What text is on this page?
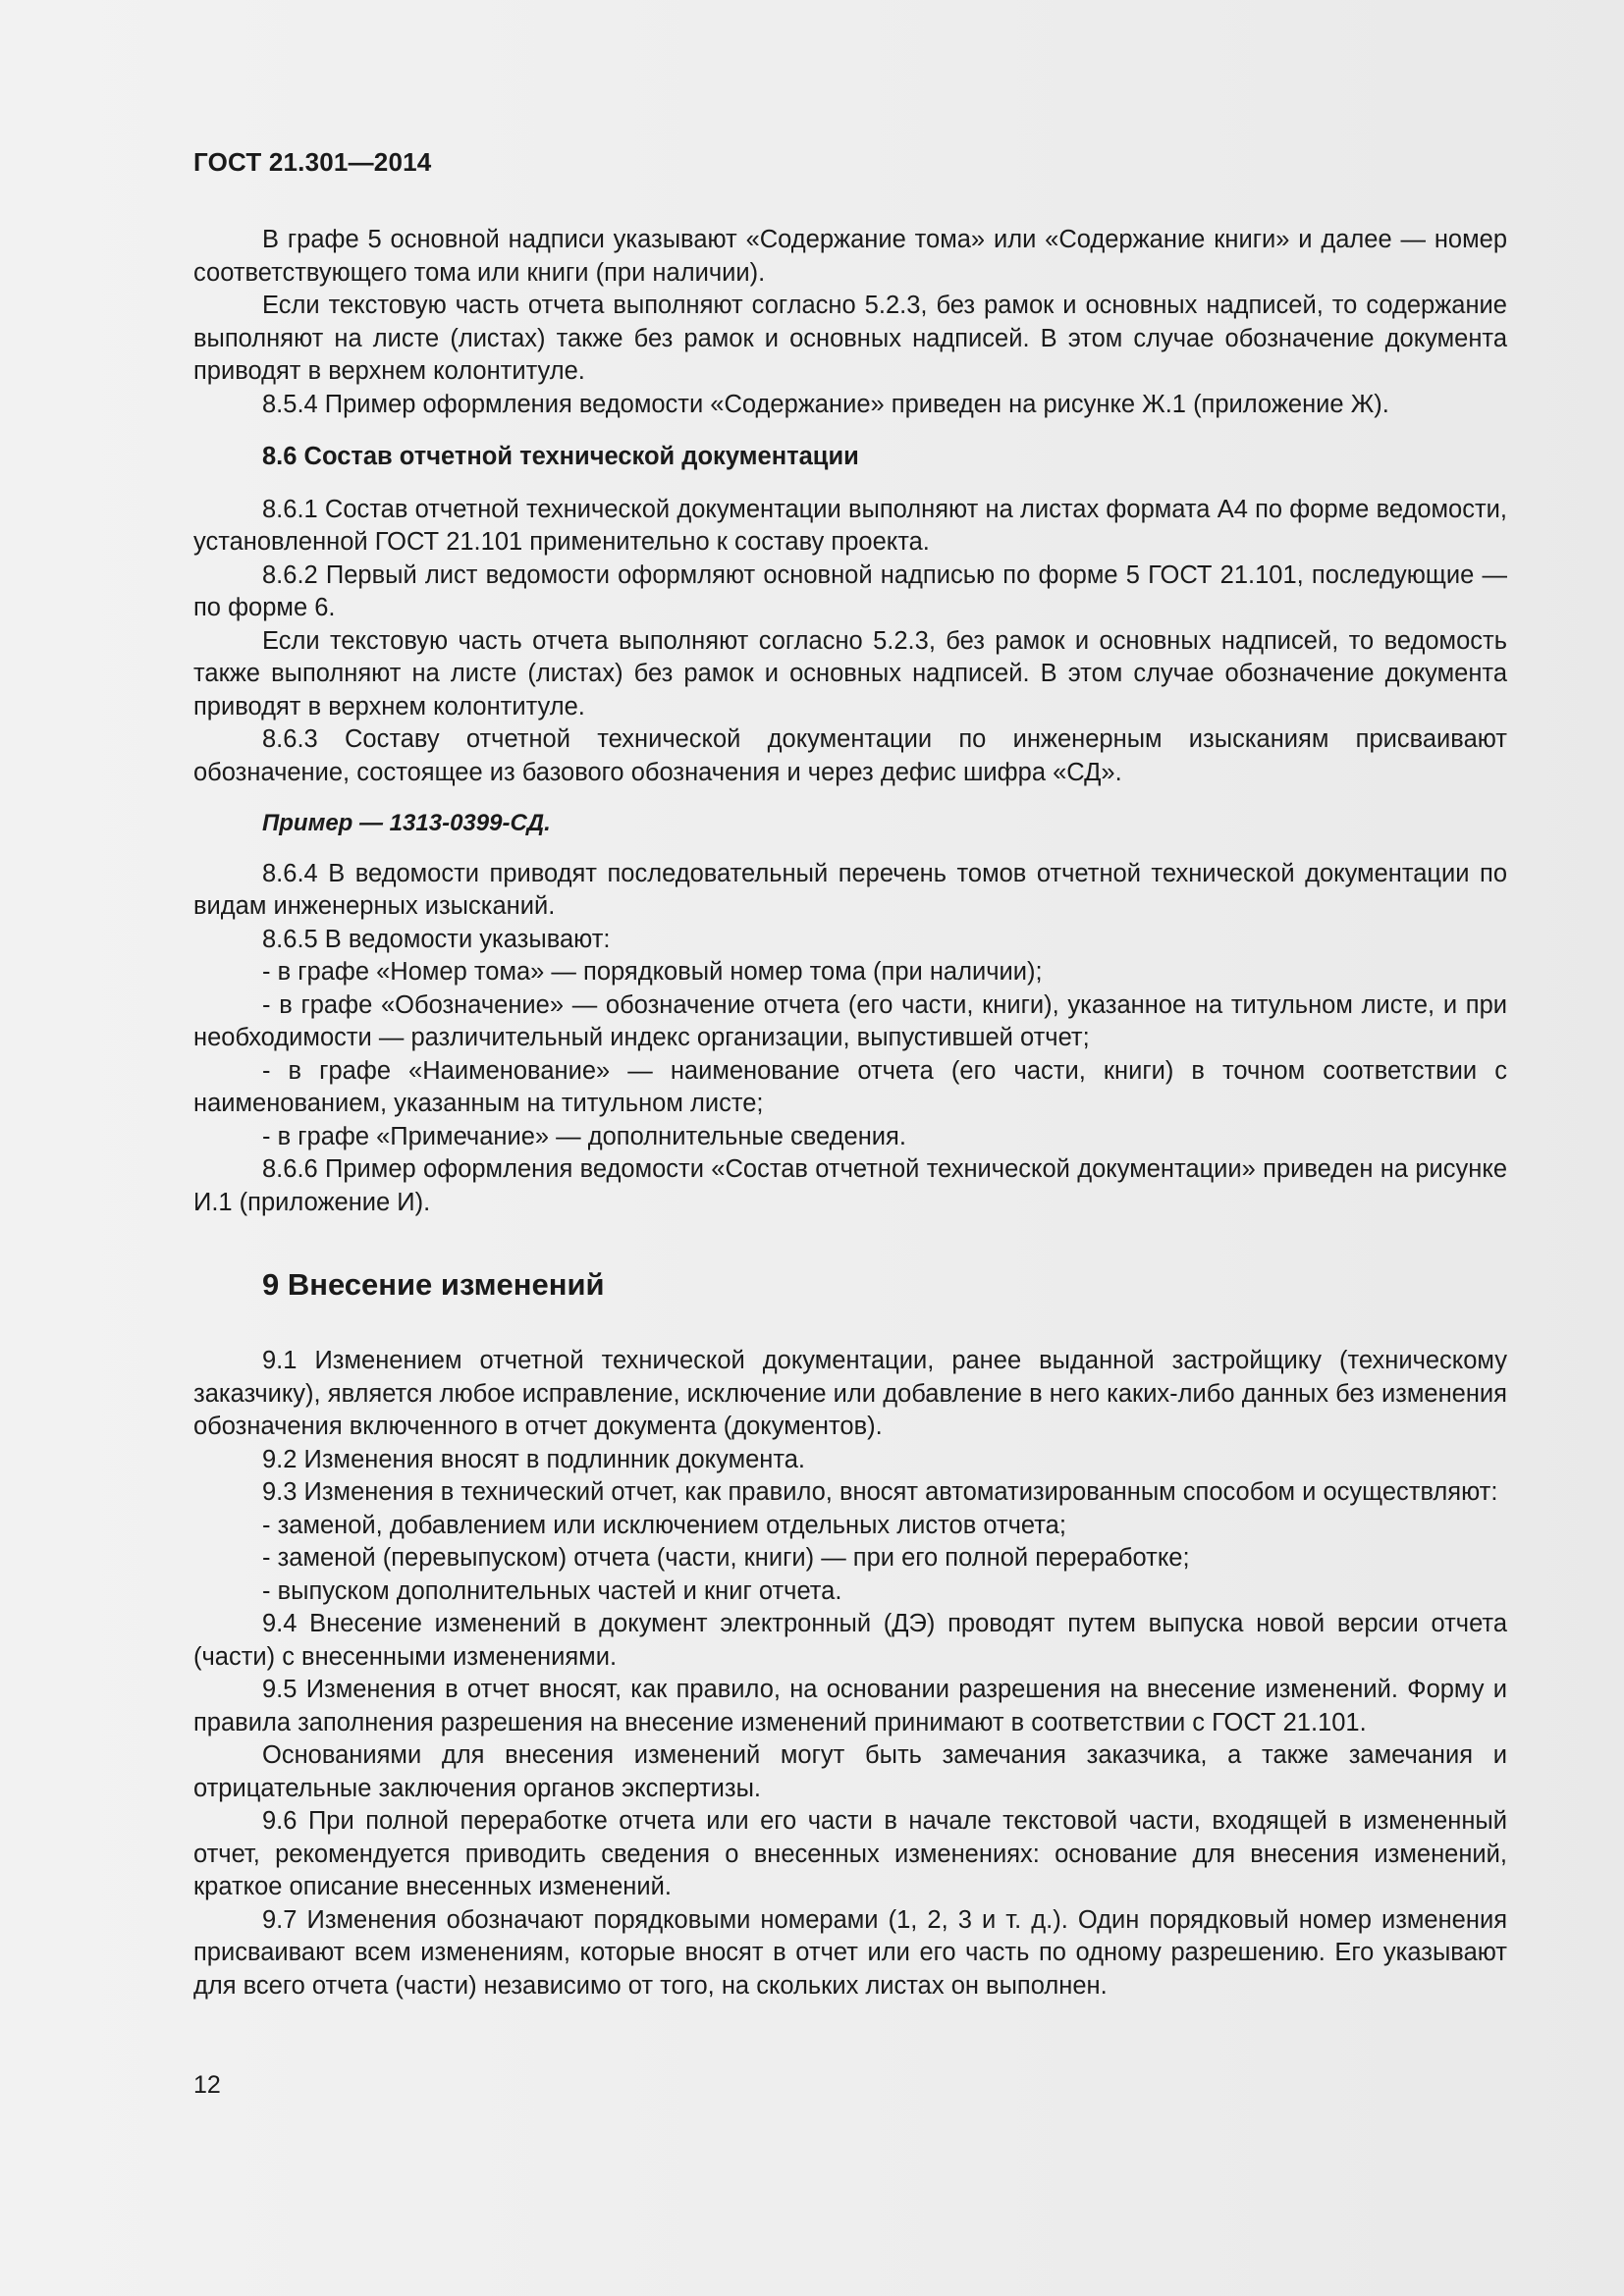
ГОСТ 21.301—2014

В графе 5 основной надписи указывают «Содержание тома» или «Содержание книги» и далее — номер соответствующего тома или книги (при наличии).

Если текстовую часть отчета выполняют согласно 5.2.3, без рамок и основных надписей, то содержание выполняют на листе (листах) также без рамок и основных надписей. В этом случае обозначение документа приводят в верхнем колонтитуле.

8.5.4 Пример оформления ведомости «Содержание» приведен на рисунке Ж.1 (приложение Ж).

8.6 Состав отчетной технической документации

8.6.1 Состав отчетной технической документации выполняют на листах формата А4 по форме ведомости, установленной ГОСТ 21.101 применительно к составу проекта.

8.6.2 Первый лист ведомости оформляют основной надписью по форме 5 ГОСТ 21.101, последующие — по форме 6.

Если текстовую часть отчета выполняют согласно 5.2.3, без рамок и основных надписей, то ведомость также выполняют на листе (листах) без рамок и основных надписей. В этом случае обозначение документа приводят в верхнем колонтитуле.

8.6.3 Составу отчетной технической документации по инженерным изысканиям присваивают обозначение, состоящее из базового обозначения и через дефис шифра «СД».

Пример — 1313-0399-СД.

8.6.4 В ведомости приводят последовательный перечень томов отчетной технической документации по видам инженерных изысканий.

8.6.5 В ведомости указывают:

- в графе «Номер тома» — порядковый номер тома (при наличии);

- в графе «Обозначение» — обозначение отчета (его части, книги), указанное на титульном листе, и при необходимости — различительный индекс организации, выпустившей отчет;

- в графе «Наименование» — наименование отчета (его части, книги) в точном соответствии с наименованием, указанным на титульном листе;

- в графе «Примечание» — дополнительные сведения.

8.6.6 Пример оформления ведомости «Состав отчетной технической документации» приведен на рисунке И.1 (приложение И).

9 Внесение изменений

9.1 Изменением отчетной технической документации, ранее выданной застройщику (техническому заказчику), является любое исправление, исключение или добавление в него каких-либо данных без изменения обозначения включенного в отчет документа (документов).

9.2 Изменения вносят в подлинник документа.

9.3 Изменения в технический отчет, как правило, вносят автоматизированным способом и осуществляют:

- заменой, добавлением или исключением отдельных листов отчета;

- заменой (перевыпуском) отчета (части, книги) — при его полной переработке;

- выпуском дополнительных частей и книг отчета.

9.4 Внесение изменений в документ электронный (ДЭ) проводят путем выпуска новой версии отчета (части) с внесенными изменениями.

9.5 Изменения в отчет вносят, как правило, на основании разрешения на внесение изменений. Форму и правила заполнения разрешения на внесение изменений принимают в соответствии с ГОСТ 21.101.

Основаниями для внесения изменений могут быть замечания заказчика, а также замечания и отрицательные заключения органов экспертизы.

9.6 При полной переработке отчета или его части в начале текстовой части, входящей в измененный отчет, рекомендуется приводить сведения о внесенных изменениях: основание для внесения изменений, краткое описание внесенных изменений.

9.7 Изменения обозначают порядковыми номерами (1, 2, 3 и т. д.). Один порядковый номер изменения присваивают всем изменениям, которые вносят в отчет или его часть по одному разрешению. Его указывают для всего отчета (части) независимо от того, на скольких листах он выполнен.

12
